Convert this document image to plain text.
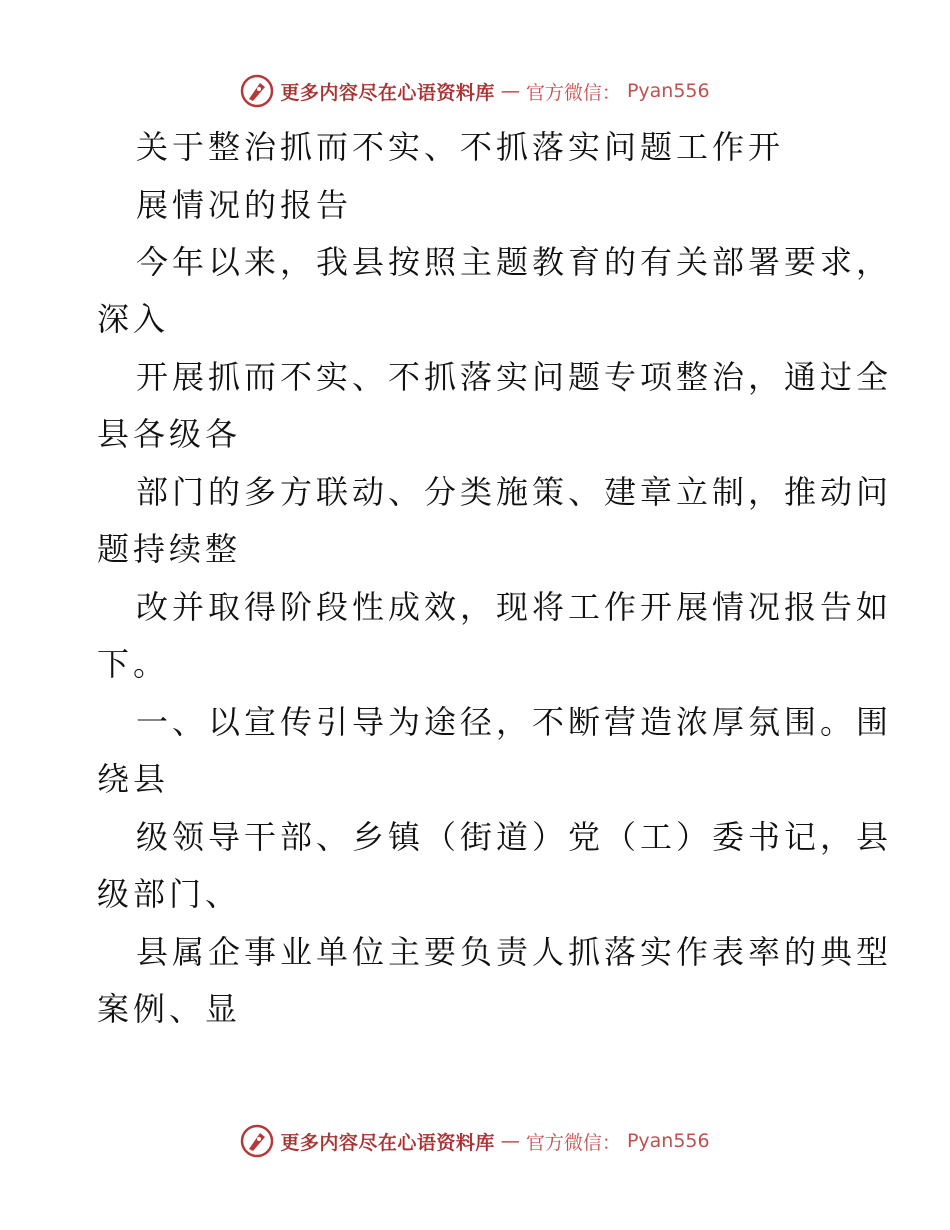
更多内容尽在心语资料库 — 官方微信： Pyan556
关于整治抓而不实、不抓落实问题工作开
展情况的报告
今年以来，我县按照主题教育的有关部署要求，
深入
开展抓而不实、不抓落实问题专项整治，通过全
县各级各
部门的多方联动、分类施策、建章立制，推动问
题持续整
改并取得阶段性成效，现将工作开展情况报告如
下。
一、以宣传引导为途径，不断营造浓厚氛围。围
绕县
级领导干部、乡镇（街道）党（工）委书记，县
级部门、
县属企事业单位主要负责人抓落实作表率的典型
案例、显
更多内容尽在心语资料库 — 官方微信： Pyan556
